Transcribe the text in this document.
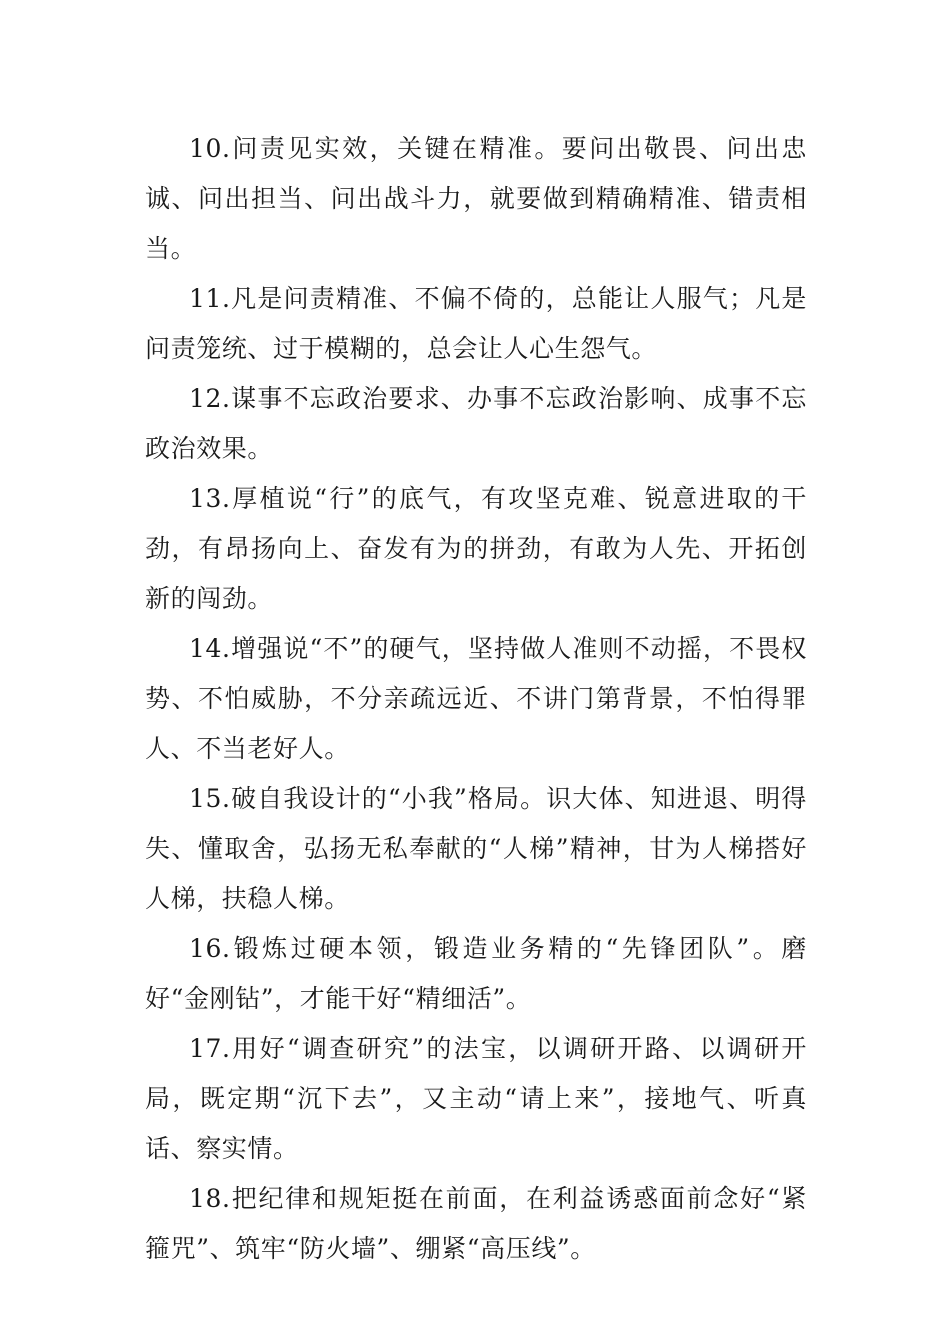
10.问责见实效，关键在精准。要问出敬畏、问出忠诚、问出担当、问出战斗力，就要做到精确精准、错责相当。

11.凡是问责精准、不偏不倚的，总能让人服气；凡是问责笼统、过于模糊的，总会让人心生怨气。

12.谋事不忘政治要求、办事不忘政治影响、成事不忘政治效果。

13.厚植说“行”的底气，有攻坚克难、锐意进取的干劲，有昂扬向上、奋发有为的拼劲，有敢为人先、开拓创新的闯劲。

14.增强说“不”的硬气，坚持做人准则不动摇，不畏权势、不怕威胁，不分亲疏远近、不讲门第背景，不怕得罪人、不当老好人。

15.破自我设计的“小我”格局。识大体、知进退、明得失、懂取舍，弘扬无私奉献的“人梯”精神，甘为人梯搭好人梯，扶稳人梯。

16.锻炼过硬本领，锻造业务精的“先锋团队”。磨好“金刚钻”，才能干好“精细活”。

17.用好“调查研究”的法宝，以调研开路、以调研开局，既定期“沉下去”，又主动“请上来”，接地气、听真话、察实情。

18.把纪律和规矩挺在前面，在利益诱惑面前念好“紧箍咒”、筑牢“防火墙”、绷紧“高压线”。
